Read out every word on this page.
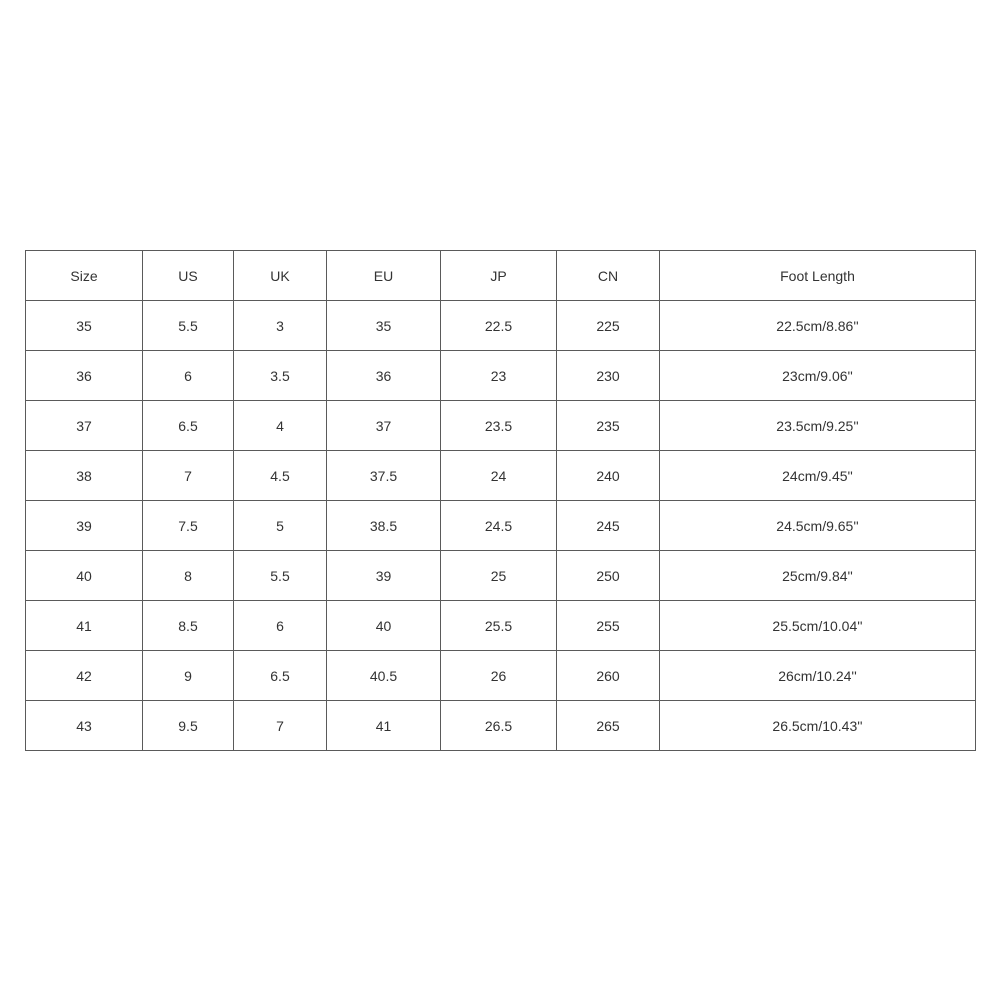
Size	US	UK	EU	JP	CN	Foot Length
35	5.5	3	35	22.5	225	22.5cm/8.86''
36	6	3.5	36	23	230	23cm/9.06''
37	6.5	4	37	23.5	235	23.5cm/9.25''
38	7	4.5	37.5	24	240	24cm/9.45''
39	7.5	5	38.5	24.5	245	24.5cm/9.65''
40	8	5.5	39	25	250	25cm/9.84''
41	8.5	6	40	25.5	255	25.5cm/10.04''
42	9	6.5	40.5	26	260	26cm/10.24''
43	9.5	7	41	26.5	265	26.5cm/10.43''
